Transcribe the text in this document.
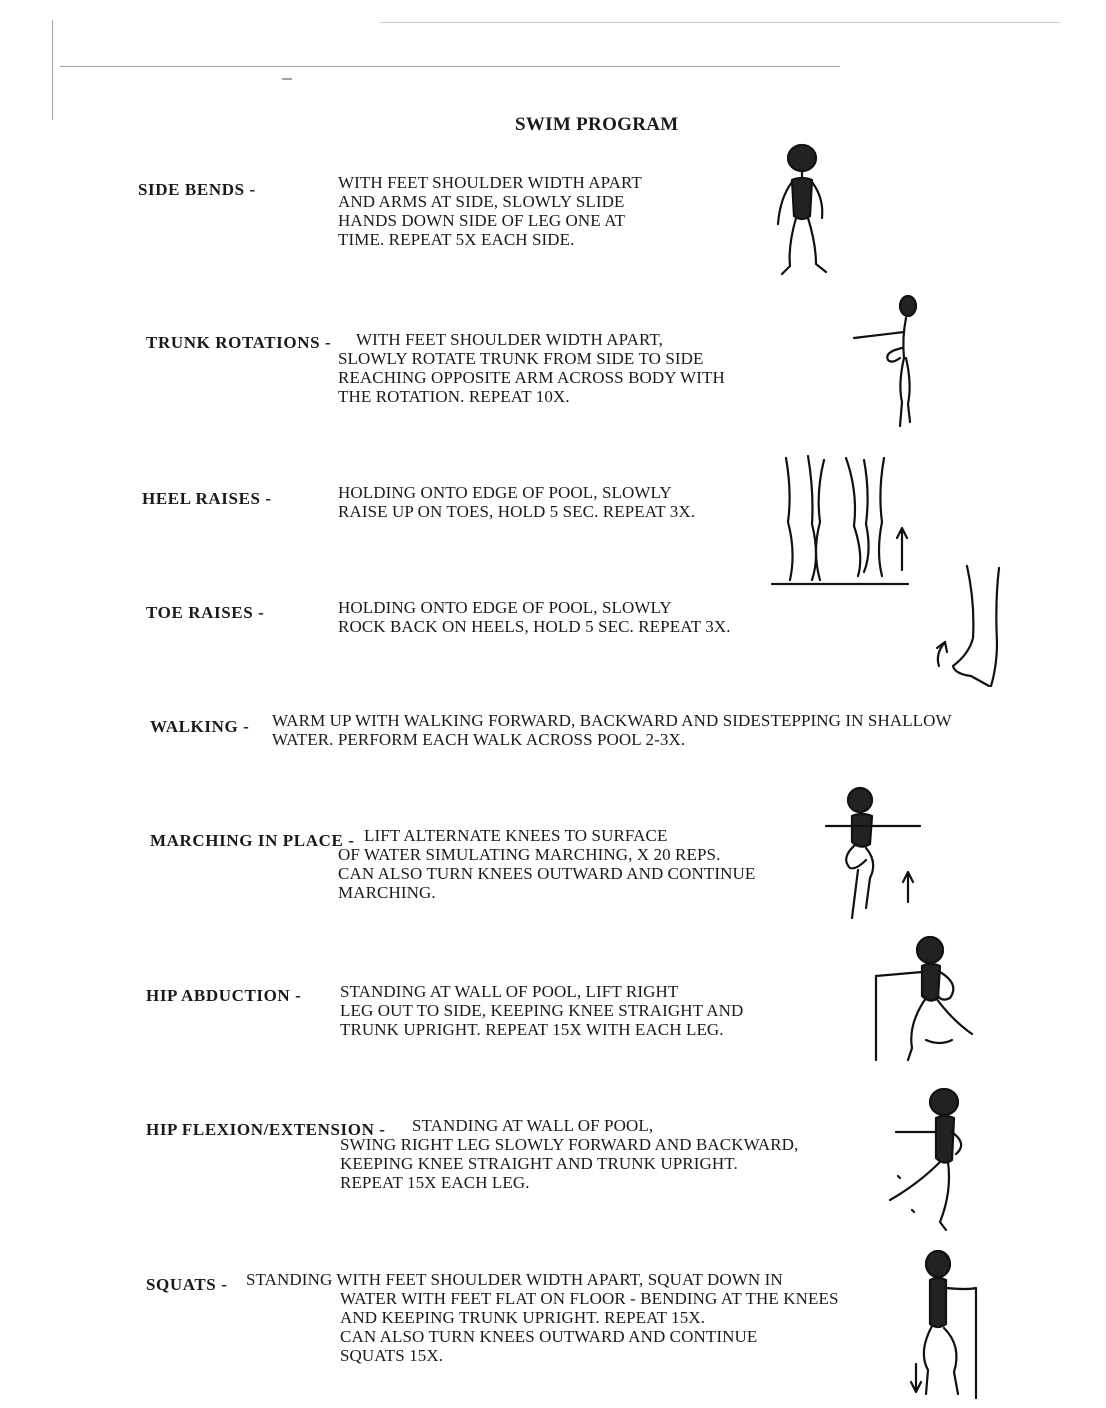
SWIM PROGRAM
SIDE BENDS -	WITH FEET SHOULDER WIDTH APART
AND ARMS AT SIDE, SLOWLY SLIDE
HANDS DOWN SIDE OF LEG ONE AT
TIME. REPEAT 5X EACH SIDE.
TRUNK ROTATIONS - WITH FEET SHOULDER WIDTH APART,
SLOWLY ROTATE TRUNK FROM SIDE TO SIDE
REACHING OPPOSITE ARM ACROSS BODY WITH
THE ROTATION. REPEAT 10X.
HEEL RAISES -	HOLDING ONTO EDGE OF POOL, SLOWLY
RAISE UP ON TOES, HOLD 5 SEC. REPEAT 3X.
TOE RAISES -	HOLDING ONTO EDGE OF POOL, SLOWLY
ROCK BACK ON HEELS, HOLD 5 SEC. REPEAT 3X.
WALKING - WARM UP WITH WALKING FORWARD, BACKWARD AND SIDESTEPPING IN SHALLOW
WATER. PERFORM EACH WALK ACROSS POOL 2-3X.
MARCHING IN PLACE - LIFT ALTERNATE KNEES TO SURFACE
OF WATER SIMULATING MARCHING, X 20 REPS.
CAN ALSO TURN KNEES OUTWARD AND CONTINUE
MARCHING.
HIP ABDUCTION - STANDING AT WALL OF POOL, LIFT RIGHT
LEG OUT TO SIDE, KEEPING KNEE STRAIGHT AND
TRUNK UPRIGHT. REPEAT 15X WITH EACH LEG.
HIP FLEXION/EXTENSION - STANDING AT WALL OF POOL,
SWING RIGHT LEG SLOWLY FORWARD AND BACKWARD,
KEEPING KNEE STRAIGHT AND TRUNK UPRIGHT.
REPEAT 15X EACH LEG.
SQUATS - STANDING WITH FEET SHOULDER WIDTH APART, SQUAT DOWN IN
WATER WITH FEET FLAT ON FLOOR - BENDING AT THE KNEES
AND KEEPING TRUNK UPRIGHT. REPEAT 15X.
CAN ALSO TURN KNEES OUTWARD AND CONTINUE
SQUATS 15X.
